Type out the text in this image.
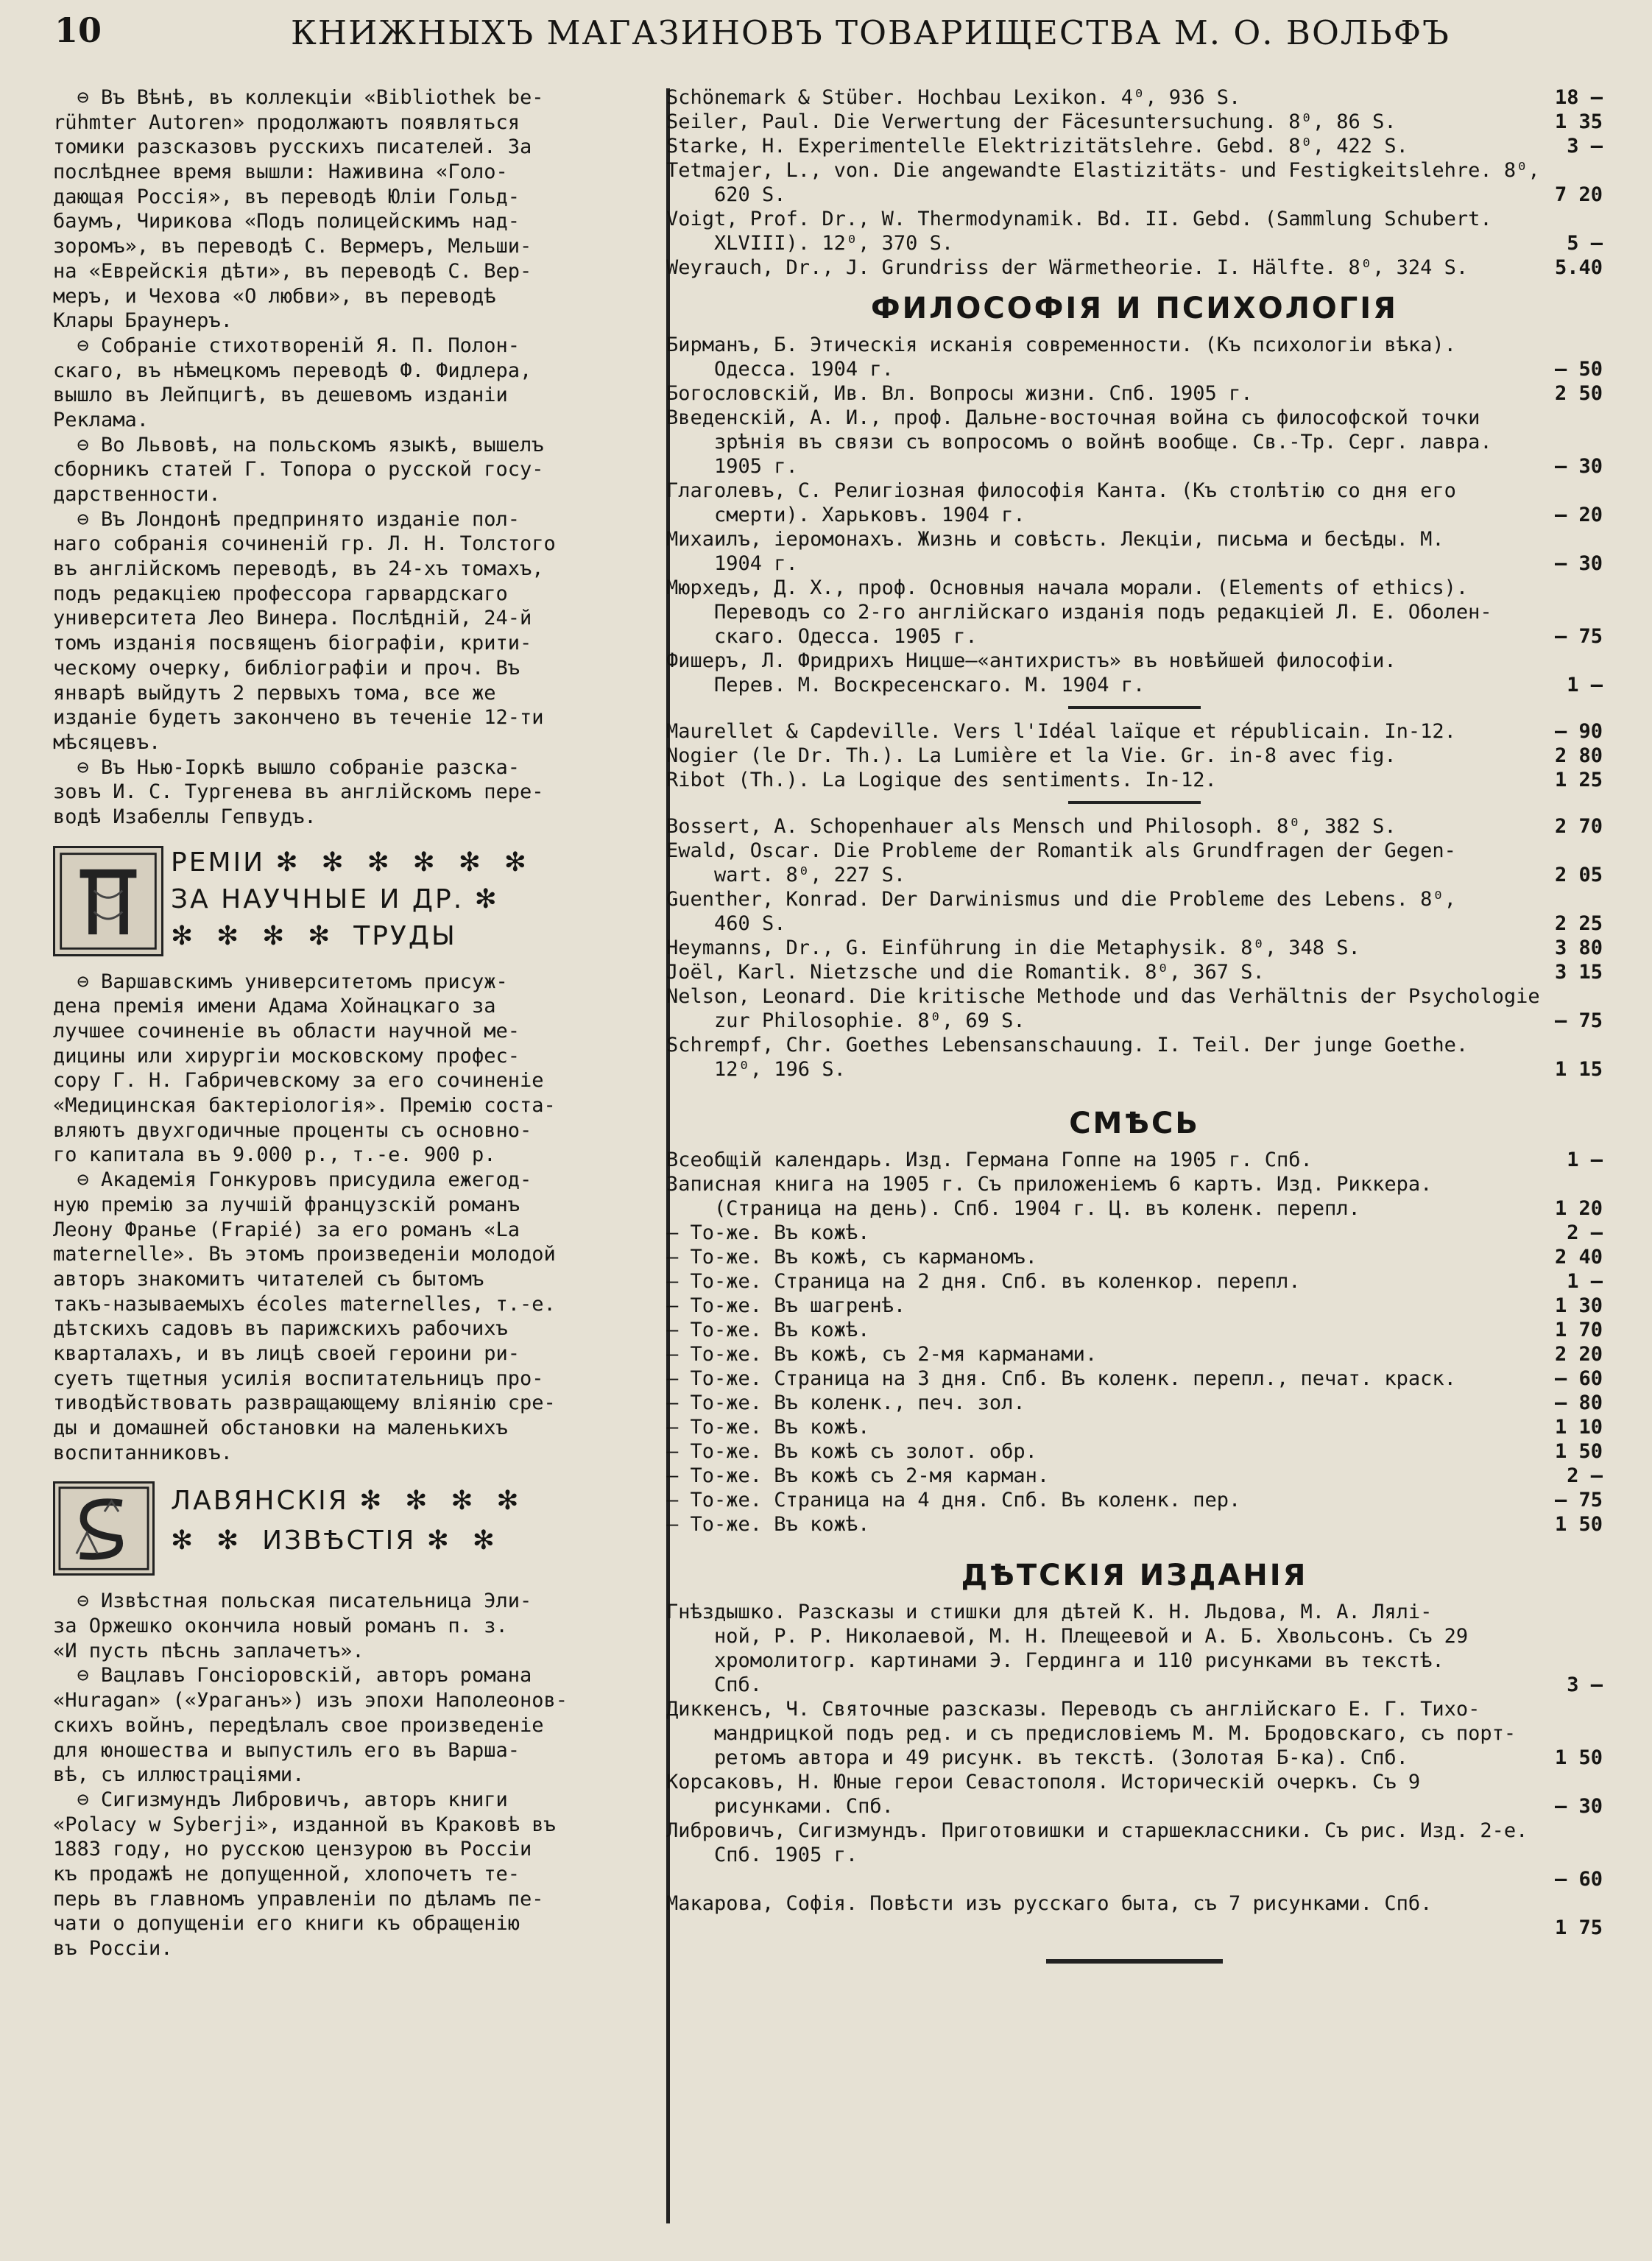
10	КНИЖНЫХЪ МАГАЗИНОВЪ ТОВАРИЩЕСТВА М. О. ВОЛЬФЪ
⊖ Въ Вѣнѣ, въ коллекціи «Bibliothek be-
rühmter Autoren» продолжаютъ появляться
томики разсказовъ русскихъ писателей. За
послѣднее время вышли: Наживина «Голо-
дающая Россія», въ переводѣ Юліи Гольд-
баумъ, Чирикова «Подъ полицейскимъ над-
зоромъ», въ переводѣ С. Вермеръ, Мельши-
на «Еврейскія дѣти», въ переводѣ С. Вер-
меръ, и Чехова «О любви», въ переводѣ
Клары Браунеръ.
⊖ Собраніе стихотвореній Я. П. Полон-
скаго, въ нѣмецкомъ переводѣ Ф. Фидлера,
вышло въ Лейпцигѣ, въ дешевомъ изданіи
Реклама.
⊖ Во Львовѣ, на польскомъ языкѣ, вышелъ
сборникъ статей Г. Топора о русской госу-
дарственности.
⊖ Въ Лондонѣ предпринято изданіе пол-
наго собранія сочиненій гр. Л. Н. Толстого
въ англійскомъ переводѣ, въ 24-хъ томахъ,
подъ редакціею профессора гарвардскаго
университета Лео Винера. Послѣдній, 24-й
томъ изданія посвященъ біографіи, крити-
ческому очерку, библіографіи и проч. Въ
январѣ выйдутъ 2 первыхъ тома, все же
изданіе будетъ закончено въ теченіе 12-ти
мѣсяцевъ.
⊖ Въ Нью-Іоркѣ вышло собраніе разска-
зовъ И. С. Тургенева въ англійскомъ пере-
водѣ Изабеллы Гепвудъ.
РЕМІИ ✻  ✻  ✻  ✻  ✻  ✻
ЗА НАУЧНЫЕ И ДР. ✻
✻  ✻  ✻  ✻  ТРУДЫ
⊖ Варшавскимъ университетомъ присуж-
дена премія имени Адама Хойнацкаго за
лучшее сочиненіе въ области научной ме-
дицины или хирургіи московскому профес-
сору Г. Н. Габричевскому за его сочиненіе
«Медицинская бактеріологія». Премію соста-
вляютъ двухгодичные проценты съ основно-
го капитала въ 9.000 р., т.-е. 900 р.
⊖ Академія Гонкуровъ присудила ежегод-
ную премію за лучшій французскій романъ
Леону Франье (Frapié) за его романъ «La
maternelle». Въ этомъ произведеніи молодой
авторъ знакомитъ читателей съ бытомъ
такъ-называемыхъ écoles maternelles, т.-е.
дѣтскихъ садовъ въ парижскихъ рабочихъ
кварталахъ, и въ лицѣ своей героини ри-
суетъ тщетныя усилія воспитательницъ про-
тиводѣйствовать развращающему вліянію сре-
ды и домашней обстановки на маленькихъ
воспитанниковъ.
ЛАВЯНСКІЯ ✻  ✻  ✻  ✻
✻  ✻  ИЗВѢСТІЯ ✻  ✻
⊖ Извѣстная польская писательница Эли-
за Оржешко окончила новый романъ п. з.
«И пусть пѣснь заплачетъ».
⊖ Вацлавъ Гонсіоровскій, авторъ романа
«Huragan» («Ураганъ») изъ эпохи Наполеонов-
скихъ войнъ, передѣлалъ свое произведеніе
для юношества и выпустилъ его въ Варша-
вѣ, съ иллюстраціями.
⊖ Сигизмундъ Либровичъ, авторъ книги
«Polacy w Syberji», изданной въ Краковѣ въ
1883 году, но русскою цензурою въ Россіи
къ продажѣ не допущенной, хлопочетъ те-
перь въ главномъ управленіи по дѣламъ пе-
чати о допущеніи его книги къ обращенію
въ Россіи.
Schönemark & Stüber. Hochbau Lexikon. 4⁰, 936 S.	18 —
Seiler, Paul. Die Verwertung der Fäcesuntersuchung. 8⁰, 86 S.	1 35
Starke, H. Experimentelle Elektrizitätslehre. Gebd. 8⁰, 422 S.	3 —
Tetmajer, L., von. Die angewandte Elastizitäts- und Festigkeitslehre. 8⁰,
620 S.	7 20
Voigt, Prof. Dr., W. Thermodynamik. Bd. II. Gebd. (Sammlung Schubert.
XLVIII). 12⁰, 370 S.	5 —
Weyrauch, Dr., J. Grundriss der Wärmetheorie. I. Hälfte. 8⁰, 324 S.	5.40
ФИЛОСОФІЯ И ПСИХОЛОГІЯ
Бирманъ, Б. Этическія исканія современности. (Къ психологіи вѣка).
Одесса. 1904 г.	— 50
Богословскій, Ив. Вл. Вопросы жизни. Спб. 1905 г.	2 50
Введенскій, А. И., проф. Дальне-восточная война съ философской точки
зрѣнія въ связи съ вопросомъ о войнѣ вообще. Св.-Тр. Серг. лавра.
1905 г.	— 30
Глаголевъ, С. Религіозная философія Канта. (Къ столѣтію со дня его
смерти). Харьковъ. 1904 г.	— 20
Михаилъ, іеромонахъ. Жизнь и совѣсть. Лекціи, письма и бесѣды. М.
1904 г.	— 30
Мюрхедъ, Д. Х., проф. Основныя начала морали. (Elements of ethics).
Переводъ со 2-го англійскаго изданія подъ редакціей Л. Е. Оболен-
скаго. Одесса. 1905 г.	— 75
Фишеръ, Л. Фридрихъ Ницше—«антихристъ» въ новѣйшей философіи.
Перев. М. Воскресенскаго. М. 1904 г.	1 —
Maurellet & Capdeville. Vers l'Idéal laïque et républicain. In-12.	— 90
Nogier (le Dr. Th.). La Lumière et la Vie. Gr. in-8 avec fig.	2 80
Ribot (Th.). La Logique des sentiments. In-12.	1 25
Bossert, A. Schopenhauer als Mensch und Philosoph. 8⁰, 382 S.	2 70
Ewald, Oscar. Die Probleme der Romantik als Grundfragen der Gegen-
wart. 8⁰, 227 S.	2 05
Guenther, Konrad. Der Darwinismus und die Probleme des Lebens. 8⁰,
460 S.	2 25
Heymanns, Dr., G. Einführung in die Metaphysik. 8⁰, 348 S.	3 80
Joël, Karl. Nietzsche und die Romantik. 8⁰, 367 S.	3 15
Nelson, Leonard. Die kritische Methode und das Verhältnis der Psychologie
zur Philosophie. 8⁰, 69 S.	— 75
Schrempf, Chr. Goethes Lebensanschauung. I. Teil. Der junge Goethe.
12⁰, 196 S.	1 15
СМѢСЬ
Всеобщій календарь. Изд. Германа Гоппе на 1905 г. Спб.	1 —
Записная книга на 1905 г. Съ приложеніемъ 6 картъ. Изд. Риккера.
(Страница на день). Спб. 1904 г. Ц. въ коленк. перепл.	1 20
— То-же. Въ кожѣ.	2 —
— То-же. Въ кожѣ, съ карманомъ.	2 40
— То-же. Страница на 2 дня. Спб. въ коленкор. перепл.	1 —
— То-же. Въ шагренѣ.	1 30
— То-же. Въ кожѣ.	1 70
— То-же. Въ кожѣ, съ 2-мя карманами.	2 20
— То-же. Страница на 3 дня. Спб. Въ коленк. перепл., печат. краск.	— 60
— То-же. Въ коленк., печ. зол.	— 80
— То-же. Въ кожѣ.	1 10
— То-же. Въ кожѣ съ золот. обр.	1 50
— То-же. Въ кожѣ съ 2-мя карман.	2 —
— То-же. Страница на 4 дня. Спб. Въ коленк. пер.	— 75
— То-же. Въ кожѣ.	1 50
ДѢТСКІЯ ИЗДАНІЯ
Гнѣздышко. Разсказы и стишки для дѣтей К. Н. Льдова, М. А. Лялі-
ной, Р. Р. Николаевой, М. Н. Плещеевой и А. Б. Хвольсонъ. Съ 29
хромолитогр. картинами Э. Гердинга и 110 рисунками въ текстѣ.
Спб.	3 —
Диккенсъ, Ч. Святочные разсказы. Переводъ съ англійскаго Е. Г. Тихо-
мандрицкой подъ ред. и съ предисловіемъ М. М. Бродовскаго, съ порт-
ретомъ автора и 49 рисунк. въ текстѣ. (Золотая Б-ка). Спб.	1 50
Корсаковъ, Н. Юные герои Севастополя. Историческій очеркъ. Съ 9
рисунками. Спб.	— 30
Либровичъ, Сигизмундъ. Приготовишки и старшеклассники. Съ рис. Изд. 2-е.
Спб. 1905 г.
— 60
Макарова, Софія. Повѣсти изъ русскаго быта, съ 7 рисунками. Спб.
1 75
